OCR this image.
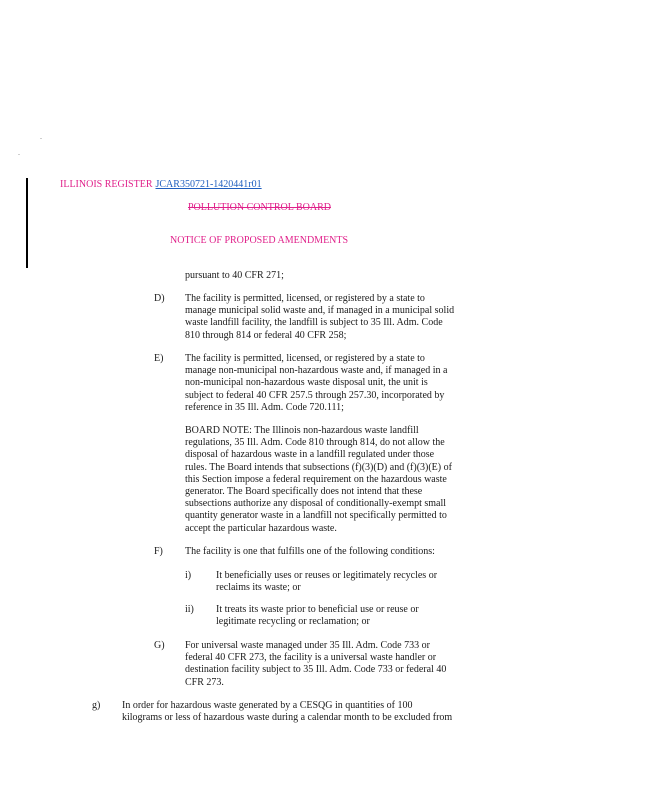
ILLINOIS REGISTER JCAR350721-1420441r01
POLLUTION CONTROL BOARD
NOTICE OF PROPOSED AMENDMENTS
pursuant to 40 CFR 271;
D) The facility is permitted, licensed, or registered by a state to
manage municipal solid waste and, if managed in a municipal solid
waste landfill facility, the landfill is subject to 35 Ill. Adm. Code
810 through 814 or federal 40 CFR 258;
E) The facility is permitted, licensed, or registered by a state to
manage non-municipal non-hazardous waste and, if managed in a
non-municipal non-hazardous waste disposal unit, the unit is
subject to federal 40 CFR 257.5 through 257.30, incorporated by
reference in 35 Ill. Adm. Code 720.111;
BOARD NOTE: The Illinois non-hazardous waste landfill
regulations, 35 Ill. Adm. Code 810 through 814, do not allow the
disposal of hazardous waste in a landfill regulated under those
rules. The Board intends that subsections (f)(3)(D) and (f)(3)(E) of
this Section impose a federal requirement on the hazardous waste
generator. The Board specifically does not intend that these
subsections authorize any disposal of conditionally-exempt small
quantity generator waste in a landfill not specifically permitted to
accept the particular hazardous waste.
F) The facility is one that fulfills one of the following conditions:
i) It beneficially uses or reuses or legitimately recycles or
reclaims its waste; or
ii) It treats its waste prior to beneficial use or reuse or
legitimate recycling or reclamation; or
G) For universal waste managed under 35 Ill. Adm. Code 733 or
federal 40 CFR 273, the facility is a universal waste handler or
destination facility subject to 35 Ill. Adm. Code 733 or federal 40
CFR 273.
g) In order for hazardous waste generated by a CESQG in quantities of 100
kilograms or less of hazardous waste during a calendar month to be excluded from
